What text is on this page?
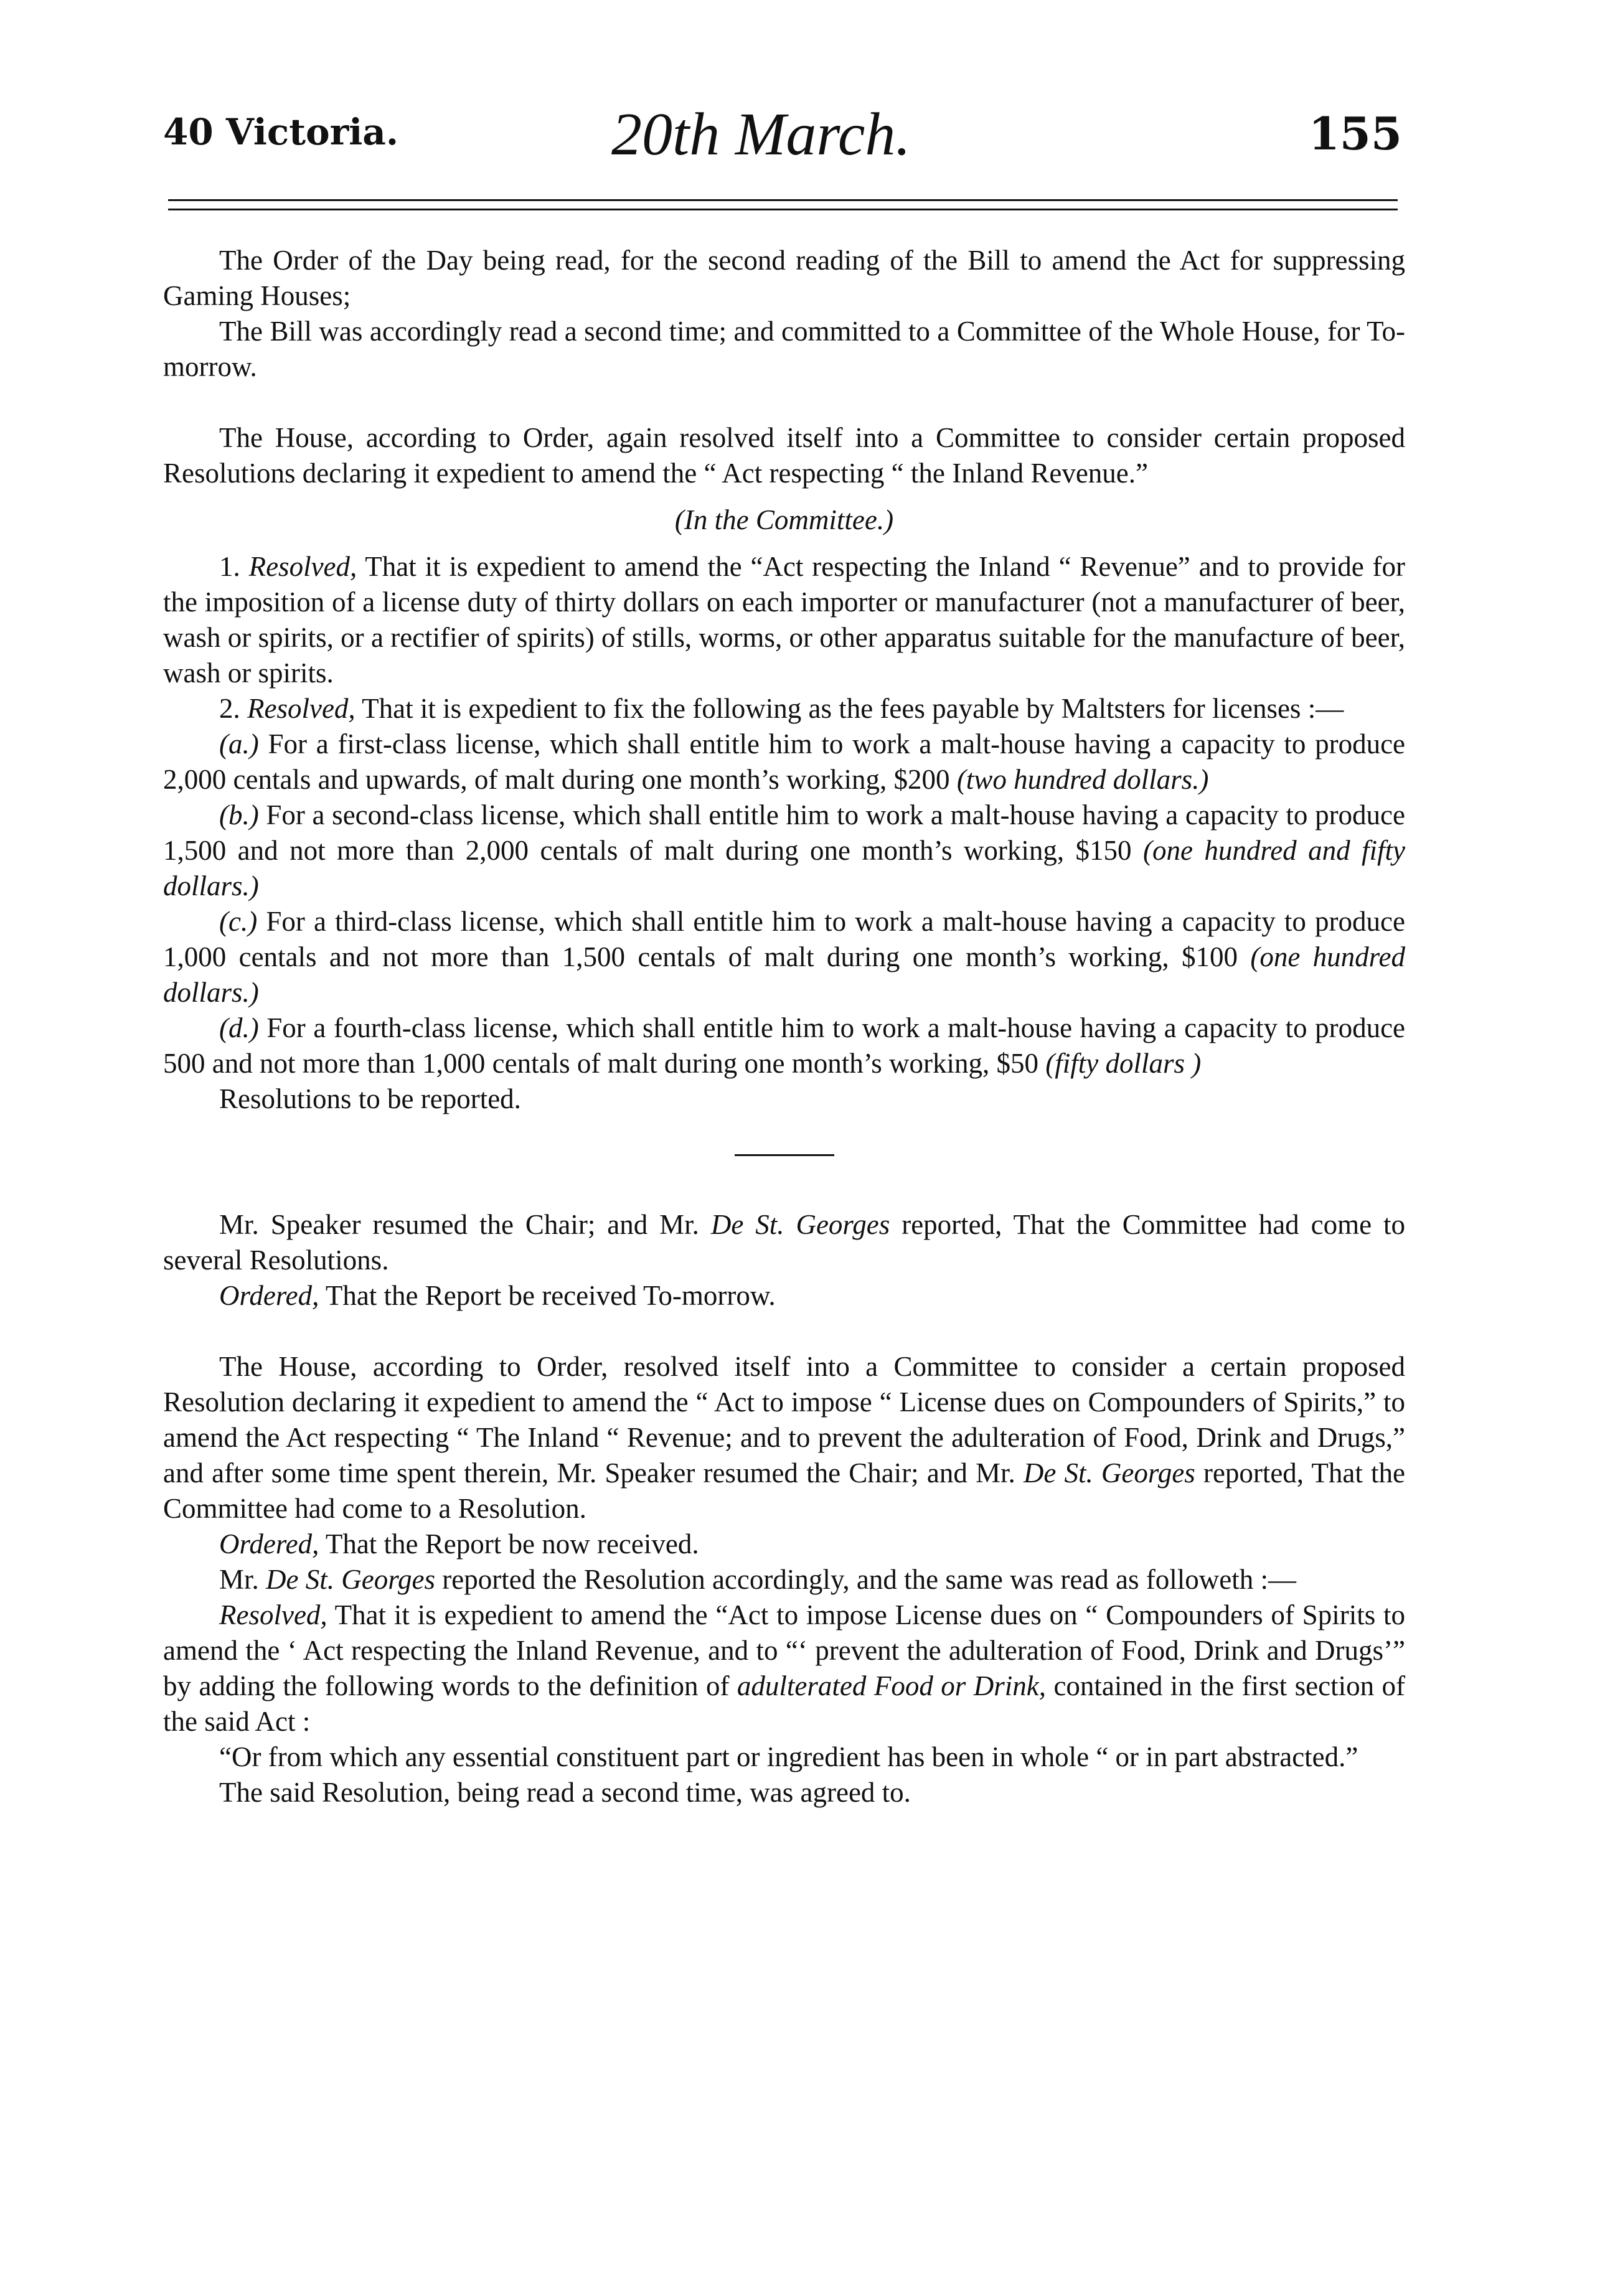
40 Victoria.	20th March.	155

The Order of the Day being read, for the second reading of the Bill to amend the Act for suppressing Gaming Houses;

The Bill was accordingly read a second time; and committed to a Committee of the Whole House, for To-morrow.

The House, according to Order, again resolved itself into a Committee to consider certain proposed Resolutions declaring it expedient to amend the “ Act respecting “ the Inland Revenue.”

(In the Committee.)

1. Resolved, That it is expedient to amend the “Act respecting the Inland “ Revenue” and to provide for the imposition of a license duty of thirty dollars on each importer or manufacturer (not a manufacturer of beer, wash or spirits, or a rectifier of spirits) of stills, worms, or other apparatus suitable for the manufacture of beer, wash or spirits.

2. Resolved, That it is expedient to fix the following as the fees payable by Maltsters for licenses :—

(a.) For a first-class license, which shall entitle him to work a malt-house having a capacity to produce 2,000 centals and upwards, of malt during one month’s working, $200 (two hundred dollars.)

(b.) For a second-class license, which shall entitle him to work a malt-house having a capacity to produce 1,500 and not more than 2,000 centals of malt during one month’s working, $150 (one hundred and fifty dollars.)

(c.) For a third-class license, which shall entitle him to work a malt-house having a capacity to produce 1,000 centals and not more than 1,500 centals of malt during one month’s working, $100 (one hundred dollars.)

(d.) For a fourth-class license, which shall entitle him to work a malt-house having a capacity to produce 500 and not more than 1,000 centals of malt during one month’s working, $50 (fifty dollars )

Resolutions to be reported.

Mr. Speaker resumed the Chair; and Mr. De St. Georges reported, That the Committee had come to several Resolutions.

Ordered, That the Report be received To-morrow.

The House, according to Order, resolved itself into a Committee to consider a certain proposed Resolution declaring it expedient to amend the “ Act to impose “ License dues on Compounders of Spirits,” to amend the Act respecting “ The Inland “ Revenue; and to prevent the adulteration of Food, Drink and Drugs,” and after some time spent therein, Mr. Speaker resumed the Chair; and Mr. De St. Georges reported, That the Committee had come to a Resolution.

Ordered, That the Report be now received.

Mr. De St. Georges reported the Resolution accordingly, and the same was read as followeth :—

Resolved, That it is expedient to amend the “Act to impose License dues on “ Compounders of Spirits to amend the ‘ Act respecting the Inland Revenue, and to “‘ prevent the adulteration of Food, Drink and Drugs’” by adding the following words to the definition of adulterated Food or Drink, contained in the first section of the said Act :

“Or from which any essential constituent part or ingredient has been in whole “ or in part abstracted.”

The said Resolution, being read a second time, was agreed to.
